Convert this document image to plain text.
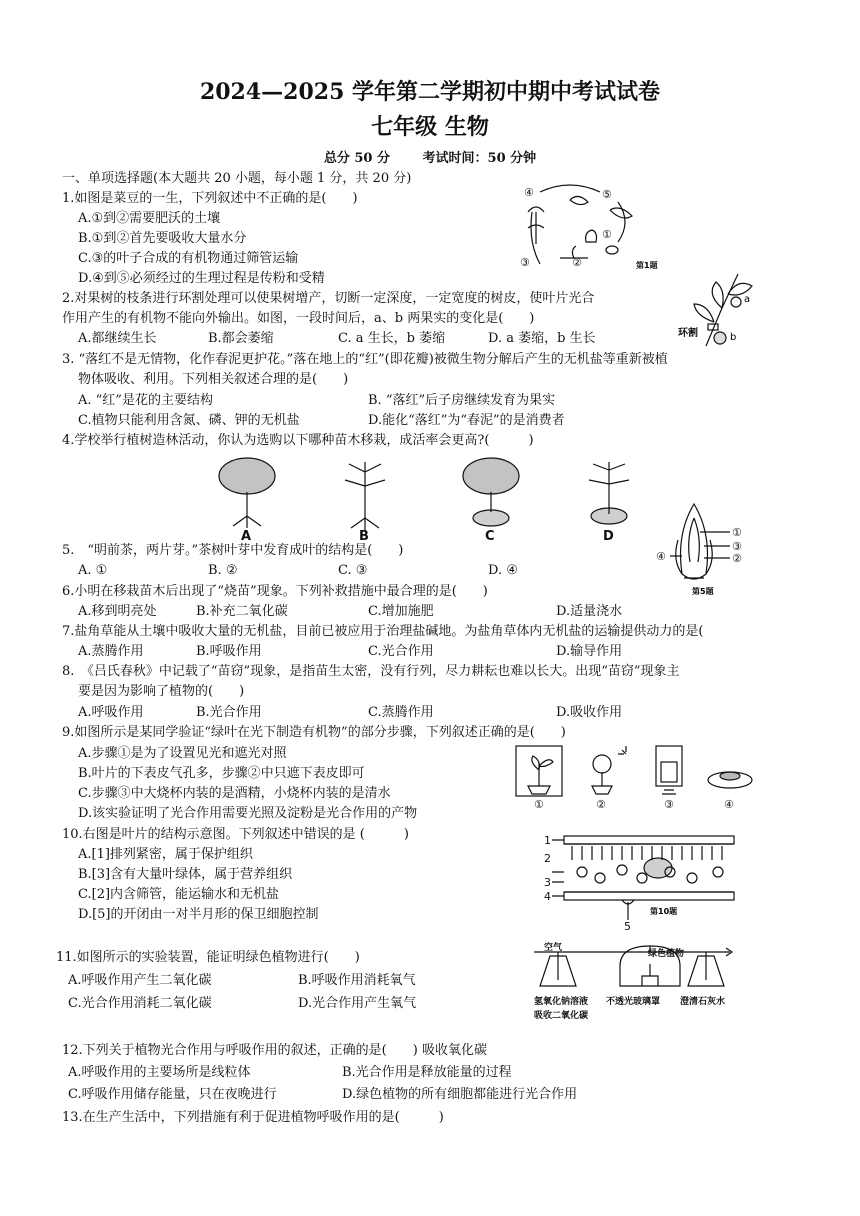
2024—2025 学年第二学期初中期中考试试卷
七年级 生物
总分 50 分	考试时间：50 分钟
一、单项选择题(本大题共 20 小题，每小题 1 分，共 20 分)
1.如图是菜豆的一生，下列叙述中不正确的是(　　)
A.①到②需要肥沃的土壤
B.①到②首先要吸收大量水分
C.③的叶子合成的有机物通过筛管运输
D.④到⑤必须经过的生理过程是传粉和受精
④	⑤
①
②
③	第1题
2.对果树的枝条进行环割处理可以使果树增产，切断一定深度，一定宽度的树皮，使叶片光合
作用产生的有机物不能向外输出。如图，一段时间后，a、b 两果实的变化是(　　)
A.都继续生长	B.都会萎缩	C. a 生长，b 萎缩	D. a 萎缩，b 生长
a
b
环割
3. “落红不是无情物，化作春泥更护花。”落在地上的“红”(即花瓣)被微生物分解后产生的无机盐等重新被植
物体吸收、利用。下列相关叙述合理的是(　　)
A. “红”是花的主要结构	B. “落红”后子房继续发育为果实
C.植物只能利用含氮、磷、钾的无机盐	D.能化“落红”为“春泥”的是消费者
4.学校举行植树造林活动，你认为选购以下哪种苗木移栽，成活率会更高?(　　　)
A	B	C	D
5.　“明前茶，两片芽。”茶树叶芽中发育成叶的结构是(　　)
A. ①	B. ②	C. ③	D. ④
①
③
②
④
第5题
6.小明在移栽苗木后出现了“烧苗”现象。下列补救措施中最合理的是(　　)
A.移到明亮处	B.补充二氧化碳	C.增加施肥	D.适量浇水
7.盐角草能从土壤中吸收大量的无机盐，目前已被应用于治理盐碱地。为盐角草体内无机盐的运输提供动力的是(
A.蒸腾作用	B.呼吸作用	C.光合作用	D.输导作用
8.　《吕氏春秋》中记载了“苗窃”现象，是指苗生太密，没有行列，尽力耕耘也难以长大。出现“苗窃”现象主
要是因为影响了植物的(　　)
A.呼吸作用	B.光合作用	C.蒸腾作用	D.吸收作用
9.如图所示是某同学验证“绿叶在光下制造有机物”的部分步骤，下列叙述正确的是(　　)
A.步骤①是为了设置见光和遮光对照
B.叶片的下表皮气孔多，步骤②中只遮下表皮即可
C.步骤③中大烧杯内装的是酒精，小烧杯内装的是清水
D.该实验证明了光合作用需要光照及淀粉是光合作用的产物
①	②	③	④
10.右图是叶片的结构示意图。下列叙述中错误的是 (　　　)
A.[1]排列紧密，属于保护组织
B.[3]含有大量叶绿体，属于营养组织
C.[2]内含筛管，能运输水和无机盐
D.[5]的开闭由一对半月形的保卫细胞控制
1
2
3
4
5
第10题
11.如图所示的实验装置，能证明绿色植物进行(　　)
A.呼吸作用产生二氧化碳	B.呼吸作用消耗氧气
C.光合作用消耗二氧化碳	D.光合作用产生氧气
空气
绿色植物
氢氧化钠溶液
吸收二氧化碳
不透光玻璃罩 澄清石灰水
12.下列关于植物光合作用与呼吸作用的叙述，正确的是(　　) 吸收氧化碳
A.呼吸作用的主要场所是线粒体	B.光合作用是释放能量的过程
C.呼吸作用储存能量，只在夜晚进行	D.绿色植物的所有细胞都能进行光合作用
13.在生产生活中，下列措施有利于促进植物呼吸作用的是(　　　)
